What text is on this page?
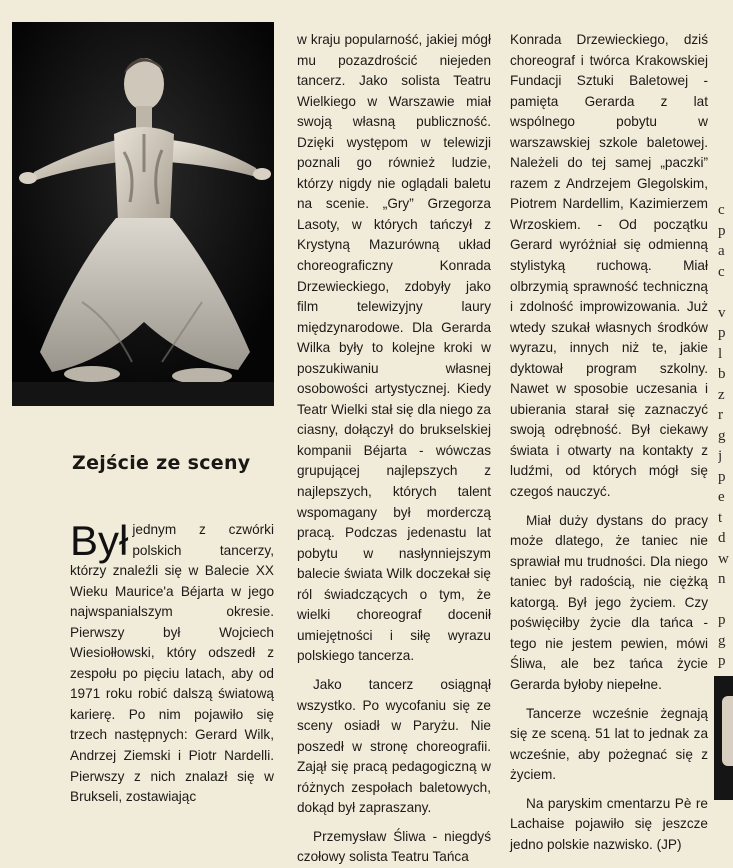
Zejście ze sceny

Był jednym z czwórki polskich tancerzy, którzy znaleźli się w Balecie XX Wieku Maurice'a Béjarta w jego najwspanialszym okresie. Pierwszy był Wojciech Wiesiołłowski, który odszedł z zespołu po pięciu latach, aby od 1971 roku robić dalszą światową karierę. Po nim pojawiło się trzech następnych: Gerard Wilk, Andrzej Ziemski i Piotr Nardelli. Pierwszy z nich znalazł się w Brukseli, zostawiając

w kraju popularność, jakiej mógł mu pozazdrościć niejeden tancerz. Jako solista Teatru Wielkiego w Warszawie miał swoją własną publiczność. Dzięki występom w telewizji poznali go również ludzie, którzy nigdy nie oglądali baletu na scenie. „Gry” Grzegorza Lasoty, w których tańczył z Krystyną Mazurówną układ choreograficzny Konrada Drzewieckiego, zdobyły jako film telewizyjny laury międzynarodowe. Dla Gerarda Wilka były to kolejne kroki w poszukiwaniu własnej osobowości artystycznej. Kiedy Teatr Wielki stał się dla niego za ciasny, dołączył do brukselskiej kompanii Béjarta - wówczas grupującej najlepszych z najlepszych, których talent wspomagany był morderczą pracą. Podczas jedenastu lat pobytu w nasłynniejszym balecie świata Wilk doczekał się ról świadczących o tym, że wielki choreograf docenił umiejętności i siłę wyrazu polskiego tancerza.

Jako tancerz osiągnął wszystko. Po wycofaniu się ze sceny osiadł w Paryżu. Nie poszedł w stronę choreografii. Zajął się pracą pedagogiczną w różnych zespołach baletowych, dokąd był zapraszany.

Przemysław Śliwa - niegdyś czołowy solista Teatru Tańca

Konrada Drzewieckiego, dziś choreograf i twórca Krakowskiej Fundacji Sztuki Baletowej - pamięta Gerarda z lat wspólnego pobytu w warszawskiej szkole baletowej. Należeli do tej samej „paczki” razem z Andrzejem Glegolskim, Piotrem Nardellim, Kazimierzem Wrzoskiem. - Od początku Gerard wyróżniał się odmienną stylistyką ruchową. Miał olbrzymią sprawność techniczną i zdolność improwizowania. Już wtedy szukał własnych środków wyrazu, innych niż te, jakie dyktował program szkolny. Nawet w sposobie uczesania i ubierania starał się zaznaczyć swoją odrębność. Był ciekawy świata i otwarty na kontakty z ludźmi, od których mógł się czegoś nauczyć.

Miał duży dystans do pracy może dlatego, że taniec nie sprawiał mu trudności. Dla niego taniec był radością, nie ciężką katorgą. Był jego życiem. Czy poświęciłby życie dla tańca - tego nie jestem pewien, mówi Śliwa, ale bez tańca życie Gerarda byłoby niepełne.

Tancerze wcześnie żegnają się ze sceną. 51 lat to jednak za wcześnie, aby pożegnać się z życiem.

Na paryskim cmentarzu Pè re Lachaise pojawiło się jeszcze jedno polskie nazwisko. (JP)

c
p
a
c

v
p
l
b
z
r
g
j
p
e
t
d
w
n

p
g
p
